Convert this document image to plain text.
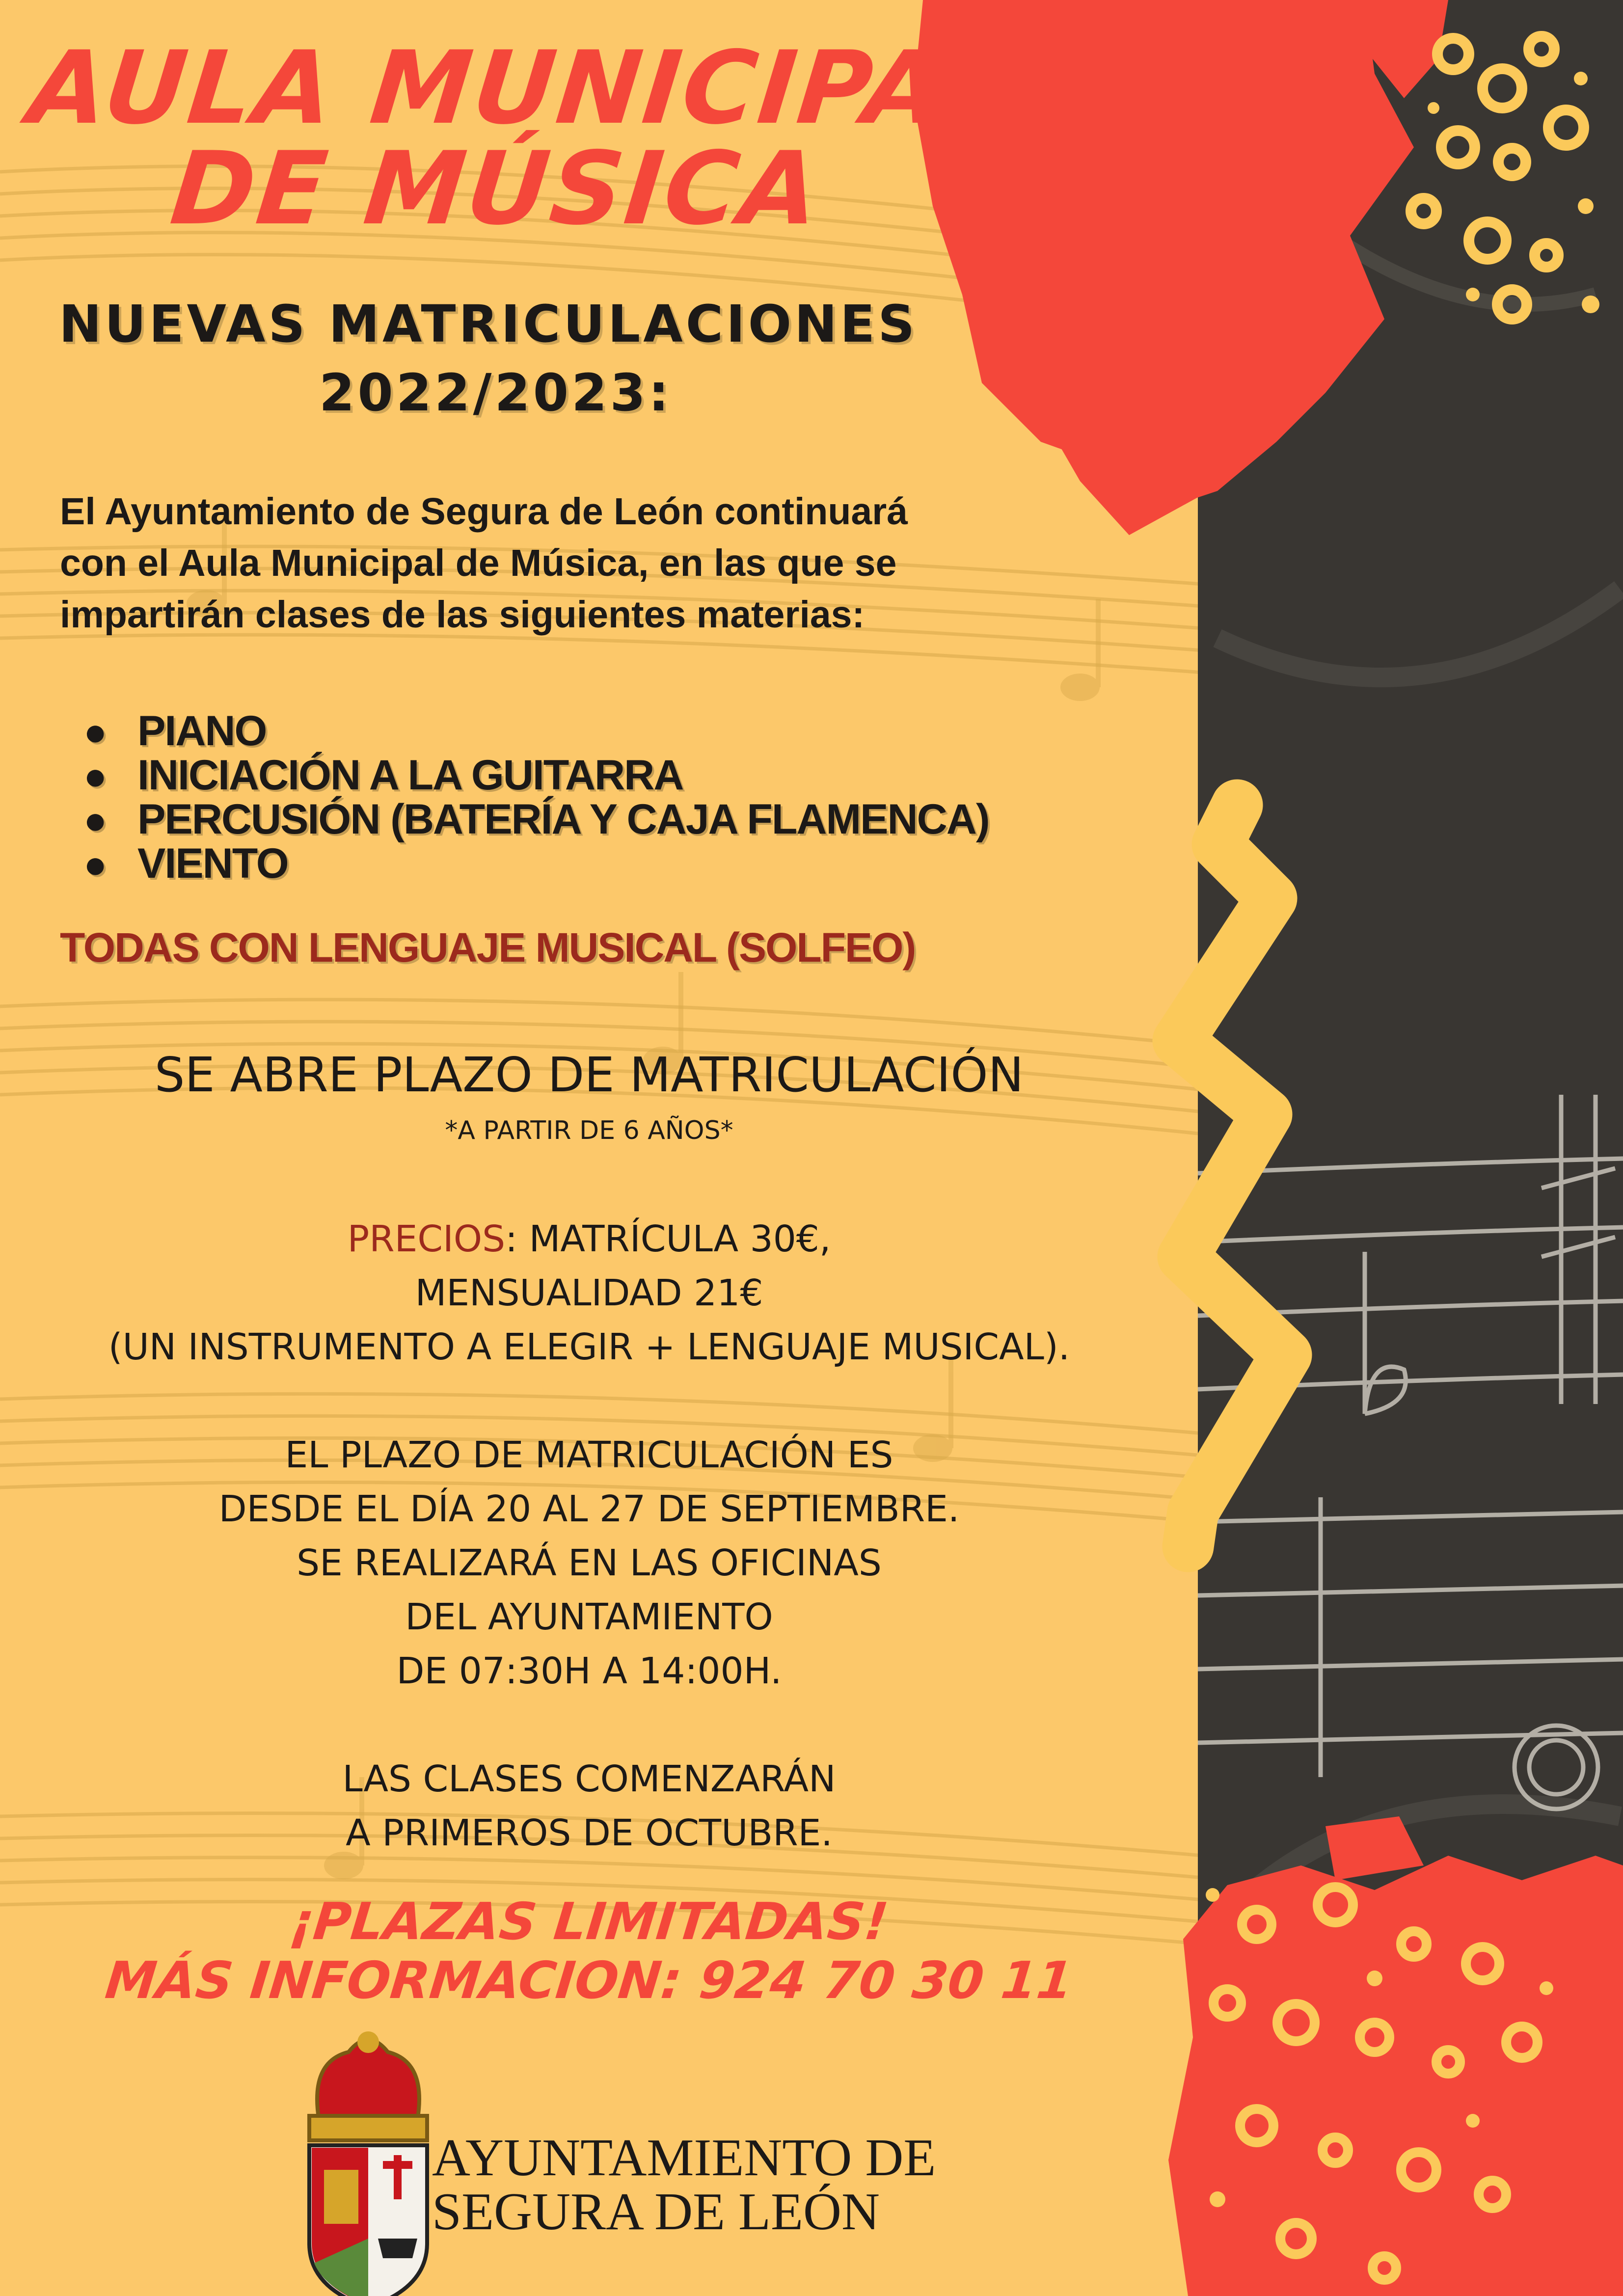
AULA MUNICIPAL
DE MÚSICA
NUEVAS MATRICULACIONES
2022/2023:
El Ayuntamiento de Segura de León continuará
con el Aula Municipal de Música, en las que se
impartirán clases de las siguientes materias:
● PIANO
● INICIACIÓN A LA GUITARRA
● PERCUSIÓN (BATERÍA Y CAJA FLAMENCA)
● VIENTO
TODAS CON LENGUAJE MUSICAL (SOLFEO)
SE ABRE PLAZO DE MATRICULACIÓN
*A PARTIR DE 6 AÑOS*
PRECIOS: MATRÍCULA 30€,
MENSUALIDAD 21€
(UN INSTRUMENTO A ELEGIR + LENGUAJE MUSICAL).
EL PLAZO DE MATRICULACIÓN ES
DESDE EL DÍA 20 AL 27 DE SEPTIEMBRE.
SE REALIZARÁ EN LAS OFICINAS
DEL AYUNTAMIENTO
DE 07:30H A 14:00H.
LAS CLASES COMENZARÁN
A PRIMEROS DE OCTUBRE.
¡PLAZAS LIMITADAS!
MÁS INFORMACION: 924 70 30 11
AYUNTAMIENTO DE
SEGURA DE LEÓN
